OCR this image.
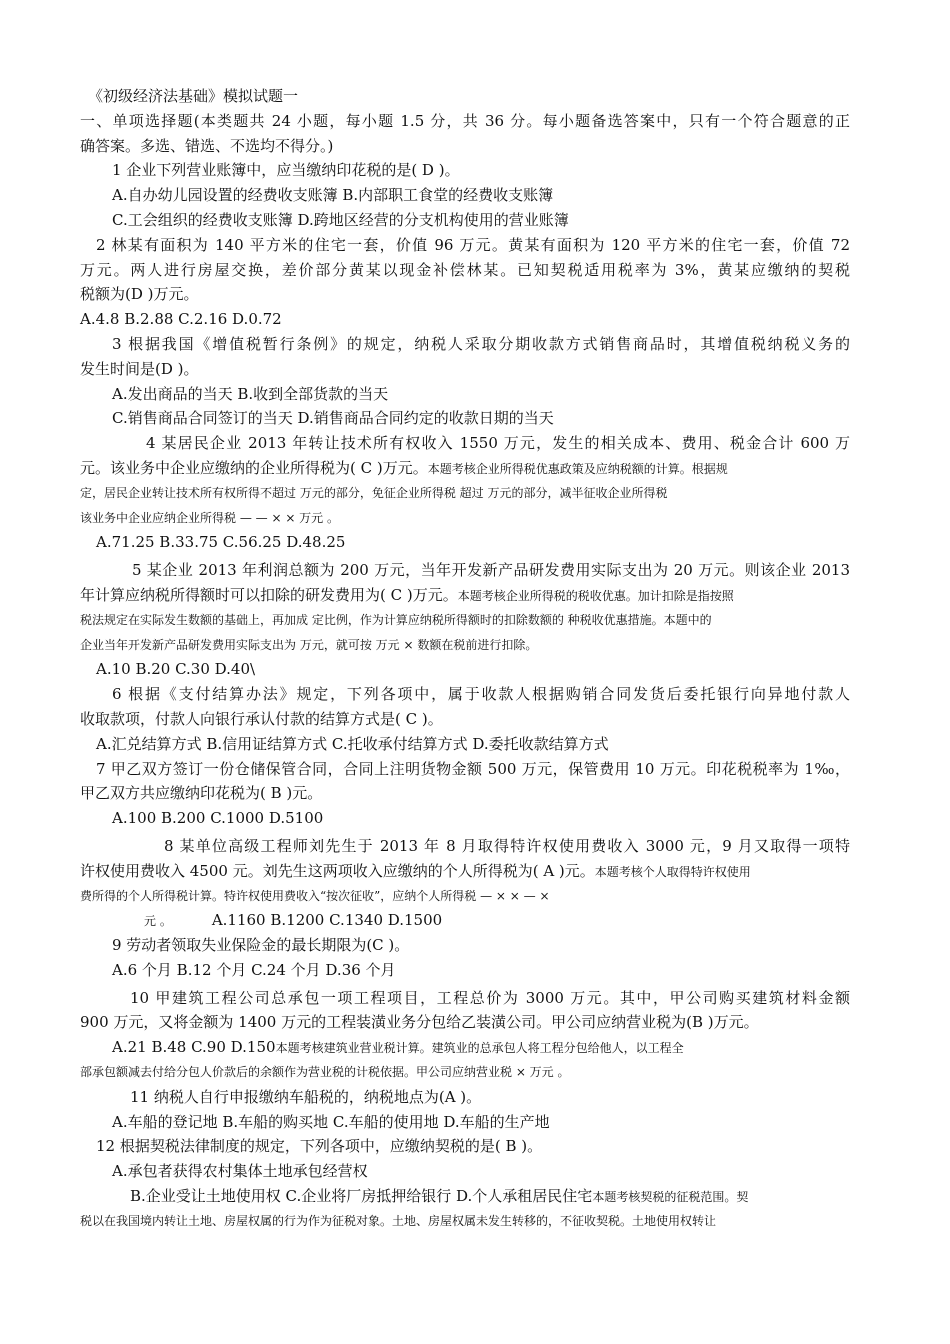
《初级经济法基础》模拟试题一
一、单项选择题(本类题共 24 小题，每小题 1.5 分，共 36 分。每小题备选答案中，只有一个符合题意的正
确答案。多选、错选、不选均不得分。)
1 企业下列营业账簿中，应当缴纳印花税的是( D )。
A.自办幼儿园设置的经费收支账簿 B.内部职工食堂的经费收支账簿
C.工会组织的经费收支账簿 D.跨地区经营的分支机构使用的营业账簿
2 林某有面积为 140 平方米的住宅一套，价值 96 万元。黄某有面积为 120 平方米的住宅一套，价值 72
万元。两人进行房屋交换，差价部分黄某以现金补偿林某。已知契税适用税率为 3%，黄某应缴纳的契税
税额为(D )万元。
A.4.8 B.2.88 C.2.16 D.0.72
3 根据我国《增值税暂行条例》的规定，纳税人采取分期收款方式销售商品时，其增值税纳税义务的
发生时间是(D )。
A.发出商品的当天 B.收到全部货款的当天
C.销售商品合同签订的当天 D.销售商品合同约定的收款日期的当天
4 某居民企业 2013 年转让技术所有权收入 1550 万元，发生的相关成本、费用、税金合计 600 万
元。该业务中企业应缴纳的企业所得税为( C )万元。本题考核企业所得税优惠政策及应纳税额的计算。根据规
定，居民企业转让技术所有权所得不超过 万元的部分，免征企业所得税 超过 万元的部分，减半征收企业所得税
该业务中企业应纳企业所得税 — — × × 万元 。
A.71.25 B.33.75 C.56.25 D.48.25
5 某企业 2013 年利润总额为 200 万元，当年开发新产品研发费用实际支出为 20 万元。则该企业 2013
年计算应纳税所得额时可以扣除的研发费用为( C )万元。本题考核企业所得税的税收优惠。加计扣除是指按照
税法规定在实际发生数额的基础上，再加成 定比例，作为计算应纳税所得额时的扣除数额的 种税收优惠措施。本题中的
企业当年开发新产品研发费用实际支出为 万元，就可按 万元 × 数额在税前进行扣除。
A.10 B.20 C.30 D.40\
6 根据《支付结算办法》规定，下列各项中，属于收款人根据购销合同发货后委托银行向异地付款人
收取款项，付款人向银行承认付款的结算方式是( C )。
A.汇兑结算方式 B.信用证结算方式 C.托收承付结算方式 D.委托收款结算方式
7 甲乙双方签订一份仓储保管合同，合同上注明货物金额 500 万元，保管费用 10 万元。印花税税率为 1‰，
甲乙双方共应缴纳印花税为( B )元。
A.100 B.200 C.1000 D.5100
8 某单位高级工程师刘先生于 2013 年 8 月取得特许权使用费收入 3000 元，9 月又取得一项特
许权使用费收入 4500 元。刘先生这两项收入应缴纳的个人所得税为( A )元。本题考核个人取得特许权使用
费所得的个人所得税计算。特许权使用费收入“按次征收”，应纳个人所得税 — × × — ×
元 。	A.1160 B.1200 C.1340 D.1500
9 劳动者领取失业保险金的最长期限为(C )。
A.6 个月 B.12 个月 C.24 个月 D.36 个月
10 甲建筑工程公司总承包一项工程项目，工程总价为 3000 万元。其中，甲公司购买建筑材料金额
900 万元，又将金额为 1400 万元的工程装潢业务分包给乙装潢公司。甲公司应纳营业税为(B )万元。
A.21 B.48 C.90 D.150本题考核建筑业营业税计算。建筑业的总承包人将工程分包给他人，以工程全
部承包额减去付给分包人价款后的余额作为营业税的计税依据。甲公司应纳营业税 × 万元 。
11 纳税人自行申报缴纳车船税的，纳税地点为(A )。
A.车船的登记地 B.车船的购买地 C.车船的使用地 D.车船的生产地
12 根据契税法律制度的规定，下列各项中，应缴纳契税的是( B )。
A.承包者获得农村集体土地承包经营权
B.企业受让土地使用权 C.企业将厂房抵押给银行 D.个人承租居民住宅本题考核契税的征税范围。契
税以在我国境内转让土地、房屋权属的行为作为征税对象。土地、房屋权属未发生转移的，不征收契税。土地使用权转让
